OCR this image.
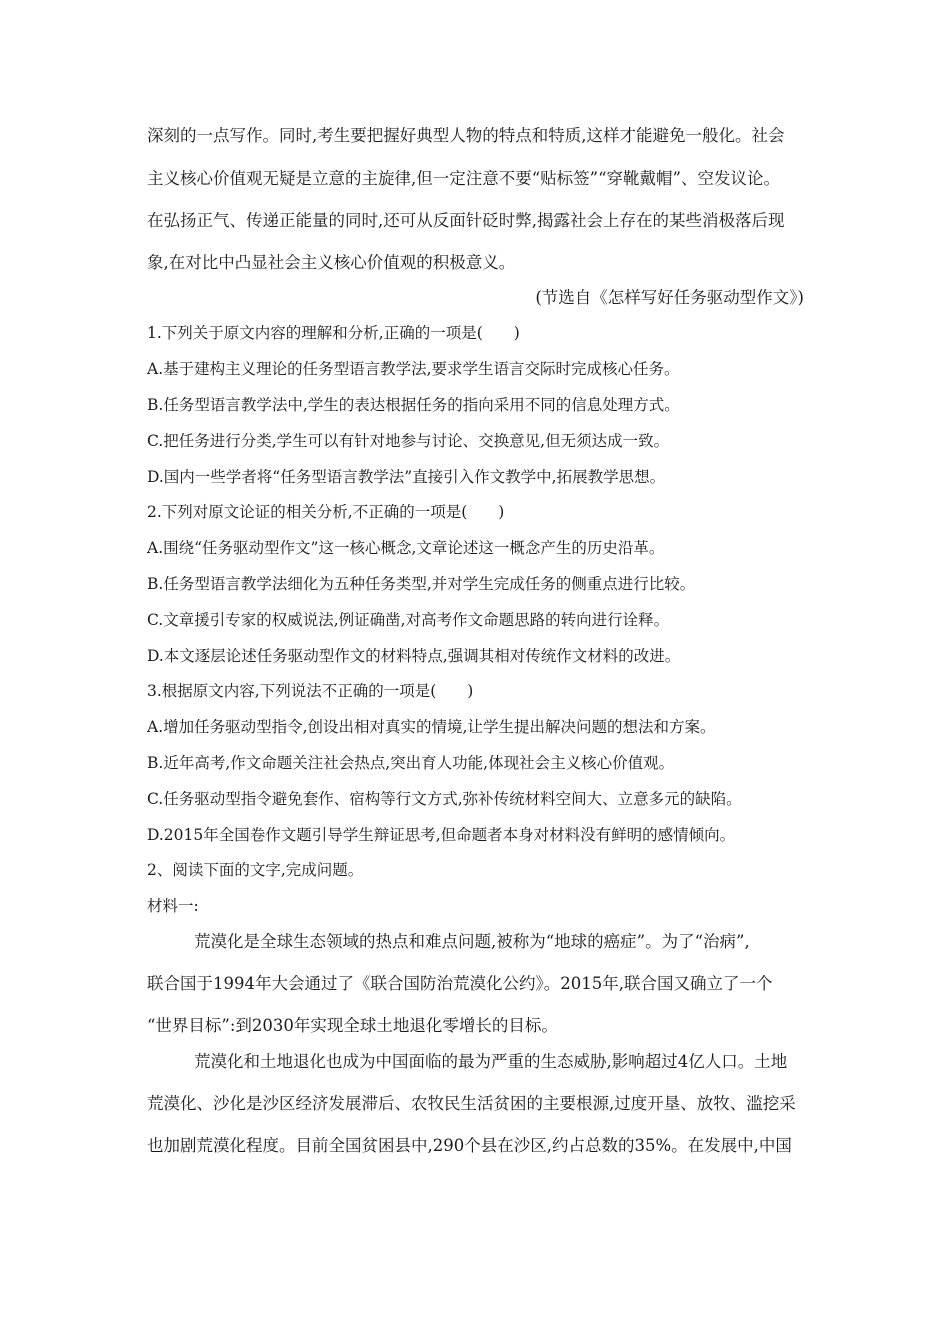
深刻的一点写作。同时,考生要把握好典型人物的特点和特质,这样才能避免一般化。社会
主义核心价值观无疑是立意的主旋律,但一定注意不要“贴标签”“穿靴戴帽”、空发议论。
在弘扬正气、传递正能量的同时,还可从反面针砭时弊,揭露社会上存在的某些消极落后现
象,在对比中凸显社会主义核心价值观的积极意义。
(节选自《怎样写好任务驱动型作文》)
1.下列关于原文内容的理解和分析,正确的一项是(　　)
A.基于建构主义理论的任务型语言教学法,要求学生语言交际时完成核心任务。
B.任务型语言教学法中,学生的表达根据任务的指向采用不同的信息处理方式。
C.把任务进行分类,学生可以有针对地参与讨论、交换意见,但无须达成一致。
D.国内一些学者将“任务型语言教学法”直接引入作文教学中,拓展教学思想。
2.下列对原文论证的相关分析,不正确的一项是(　　)
A.围绕“任务驱动型作文”这一核心概念,文章论述这一概念产生的历史沿革。
B.任务型语言教学法细化为五种任务类型,并对学生完成任务的侧重点进行比较。
C.文章援引专家的权威说法,例证确凿,对高考作文命题思路的转向进行诠释。
D.本文逐层论述任务驱动型作文的材料特点,强调其相对传统作文材料的改进。
3.根据原文内容,下列说法不正确的一项是(　　)
A.增加任务驱动型指令,创设出相对真实的情境,让学生提出解决问题的想法和方案。
B.近年高考,作文命题关注社会热点,突出育人功能,体现社会主义核心价值观。
C.任务驱动型指令避免套作、宿构等行文方式,弥补传统材料空间大、立意多元的缺陷。
D.2015年全国卷作文题引导学生辩证思考,但命题者本身对材料没有鲜明的感情倾向。
2、阅读下面的文字,完成问题。
材料一:
荒漠化是全球生态领域的热点和难点问题,被称为“地球的癌症”。为了“治病”,
联合国于1994年大会通过了《联合国防治荒漠化公约》。2015年,联合国又确立了一个
“世界目标”:到2030年实现全球土地退化零增长的目标。
荒漠化和土地退化也成为中国面临的最为严重的生态威胁,影响超过4亿人口。土地
荒漠化、沙化是沙区经济发展滞后、农牧民生活贫困的主要根源,过度开垦、放牧、滥挖采
也加剧荒漠化程度。目前全国贫困县中,290个县在沙区,约占总数的35%。在发展中,中国
